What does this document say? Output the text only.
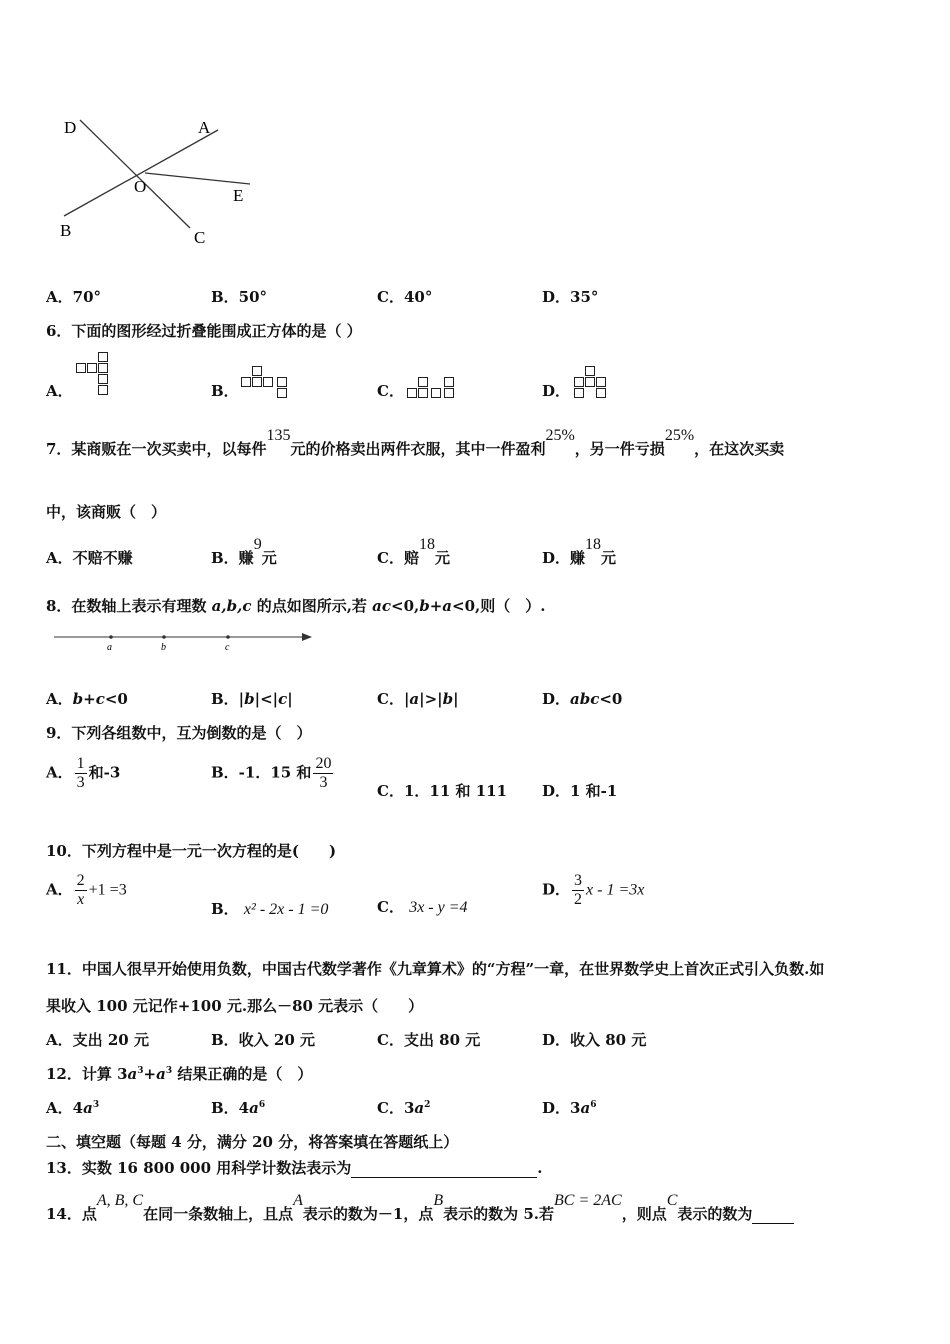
D	A
O	E
B	C
A．70°	B．50°	C．40°	D．35°
6．下面的图形经过折叠能围成正方体的是（ ）
A．	B．	C．	D．
7．某商贩在一次买卖中，以每件135元的价格卖出两件衣服，其中一件盈利25%，另一件亏损25%，在这次买卖
中，该商贩（　）
A．不赔不赚	B．赚9元	C．赔18元	D．赚18元
8．在数轴上表示有理数 a,b,c 的点如图所示,若 ac<0,b+a<0,则（　）.
a	b	c
A．b+c<0	B．|b|<|c|	C．|a|>|b|	D．abc<0
9．下列各组数中，互为倒数的是（　）
A． $\frac{1}{3}$ 和-3	B．-1．15 和 $\frac{20}{3}$	C．1．11 和 111 D．1 和-1
10．下列方程中是一元一次方程的是(　　)
A． $\frac{2}{x} +1 =3$
B． x² - 2x - 1 =0	C． 3x - y =4
D． $\frac{3}{2}$ x - 1 =3x
11．中国人很早开始使用负数，中国古代数学著作《九章算术》的“方程”一章，在世界数学史上首次正式引入负数.如
果收入 100 元记作+100 元.那么－80 元表示（　　）
A．支出 20 元	B．收入 20 元	C．支出 80 元	D．收入 80 元
12．计算 $3a^3+a^3$ 结果正确的是（　）
A．$4a^3$	B．$4a^6$	C．$3a^2$	D．$3a^6$
二、填空题（每题 4 分，满分 20 分，将答案填在答题纸上）
13．实数 16 800 000 用科学计数法表示为	.
14．点A, B, C在同一条数轴上，且点A表示的数为－1，点B表示的数为 5.若BC = 2AC，则点C表示的数为
